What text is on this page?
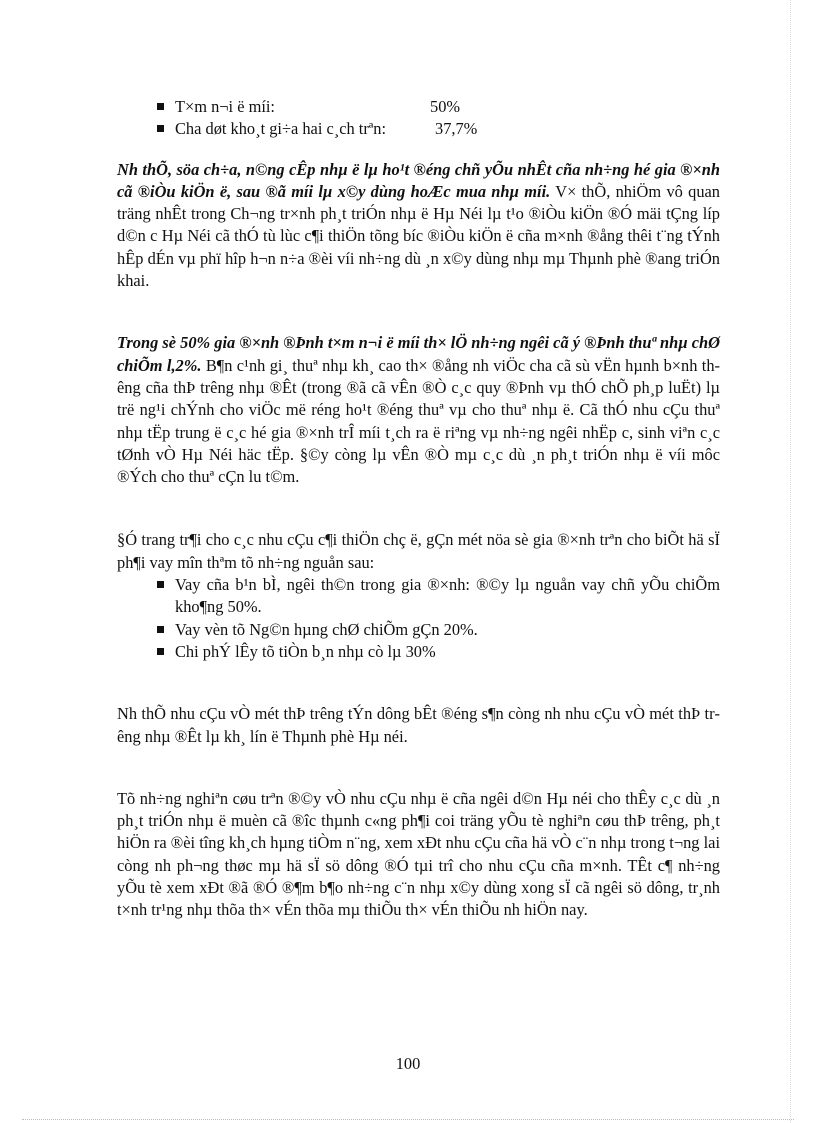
T×m n¬i ë míi:	50%
Cha døt kho¸t gi÷a hai c¸ch trªn:	37,7%

Nh thÕ, söa ch÷a, n©ng cÊp nhµ ë lµ ho¹t ®éng chñ yÕu nhÊt cña nh÷ng hé gia ®×nh cã ®iÒu kiÖn ë, sau ®ã míi lµ x©y dùng hoÆc mua nhµ míi. V× thÕ, nhiÖm vô quan träng nhÊt trong Ch¬ng tr×nh ph¸t triÓn nhµ ë Hµ Néi lµ t¹o ®iÒu kiÖn ®Ó mäi tÇng líp d©n c Hµ Néi cã thÓ tù lùc c¶i thiÖn tõng bíc ®iÒu kiÖn ë cña m×nh ®ång thêi t¨ng tÝnh hÊp dÉn vµ phï hîp h¬n n÷a ®èi víi nh÷ng dù ¸n x©y dùng nhµ mµ Thµnh phè ®ang triÓn khai.

Trong sè 50% gia ®×nh ®Þnh t×m n¬i ë míi th× lÖ nh÷ng ngêi cã ý ®Þnh thuª nhµ chØ chiÕm l,2%. B¶n c¹nh gi¸ thuª nhµ kh¸ cao th× ®ång nh viÖc cha cã sù vËn hµnh b×nh thêng cña thÞ trêng nhµ ®Êt (trong ®ã cã vÊn ®Ò c¸c quy ®Þnh vµ thÓ chÕ ph¸p luËt) lµ trë ng¹i chÝnh cho viÖc më réng ho¹t ®éng thuª vµ cho thuª nhµ ë. Cã thÓ nhu cÇu thuª nhµ tËp trung ë c¸c hé gia ®×nh trÎ míi t¸ch ra ë riªng vµ nh÷ng ngêi nhËp c, sinh viªn c¸c tØnh vÒ Hµ Néi häc tËp. §©y còng lµ vÊn ®Ò mµ c¸c dù ¸n ph¸t triÓn nhµ ë víi môc ®Ých cho thuª cÇn lu t©m.

§Ó trang tr¶i cho c¸c nhu cÇu c¶i thiÖn chç ë, gÇn mét nöa sè gia ®×nh trªn cho biÕt hä sÏ ph¶i vay mîn thªm tõ nh÷ng nguån sau:

Vay cña b¹n bÌ, ngêi th©n trong gia ®×nh: ®©y lµ nguån vay chñ yÕu chiÕm kho¶ng 50%.
Vay vèn tõ Ng©n hµng chØ chiÕm gÇn 20%.
Chi phÝ lÊy tõ tiÒn b¸n nhµ cò lµ 30%

Nh thÕ nhu cÇu vÒ mét thÞ trêng tÝn dông bÊt ®éng s¶n còng nh nhu cÇu vÒ mét thÞ trêng nhµ ®Êt lµ kh¸ lín ë Thµnh phè Hµ néi.

Tõ nh÷ng nghiªn cøu trªn ®©y vÒ nhu cÇu nhµ ë cña ngêi d©n Hµ néi cho thÊy c¸c dù ¸n ph¸t triÓn nhµ ë muèn cã ®îc thµnh c«ng ph¶i coi träng yÕu tè nghiªn cøu thÞ trêng, ph¸t hiÖn ra ®èi tîng kh¸ch hµng tiÒm n¨ng, xem xÐt nhu cÇu cña hä vÒ c¨n nhµ trong t¬ng lai còng nh ph¬ng thøc mµ hä sÏ sö dông ®Ó tµi trî cho nhu cÇu cña m×nh. TÊt c¶ nh÷ng yÕu tè xem xÐt ®ã ®Ó ®¶m b¶o nh÷ng c¨n nhµ x©y dùng xong sÏ cã ngêi sö dông, tr¸nh t×nh tr¹ng nhµ thõa th× vÉn thõa mµ thiÕu th× vÉn thiÕu nh hiÖn nay.

100
